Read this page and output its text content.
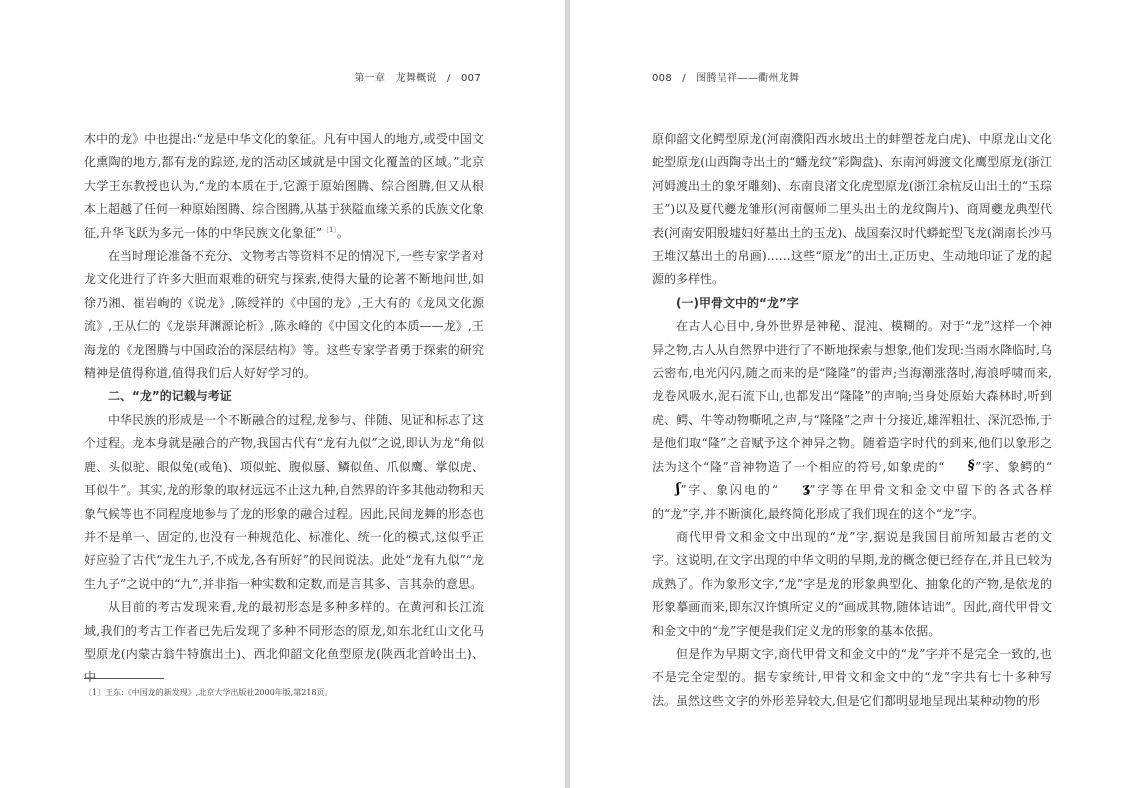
第一章　龙舞概说　/　007

木中的龙》中也提出:“龙是中华文化的象征。凡有中国人的地方,或受中国文化熏陶的地方,都有龙的踪迹,龙的活动区域就是中国文化覆盖的区域。”北京大学王东教授也认为,“龙的本质在于,它源于原始图腾、综合图腾,但又从根本上超越了任何一种原始图腾、综合图腾,从基于狭隘血缘关系的氏族文化象征,升华飞跃为多元一体的中华民族文化象征”$^{〔1〕}$。

在当时理论准备不充分、文物考古等资料不足的情况下,一些专家学者对龙文化进行了许多大胆而艰难的研究与探索,使得大量的论著不断地问世,如徐乃湘、崔岩峋的《说龙》,陈绶祥的《中国的龙》,王大有的《龙凤文化源流》,王从仁的《龙崇拜渊源论析》,陈永峰的《中国文化的本质——龙》,王海龙的《龙图腾与中国政治的深层结构》等。这些专家学者勇于探索的研究精神是值得称道,值得我们后人好好学习的。

二、“龙”的记载与考证

中华民族的形成是一个不断融合的过程,龙参与、伴随、见证和标志了这个过程。龙本身就是融合的产物,我国古代有“龙有九似”之说,即认为龙“角似鹿、头似驼、眼似兔(或龟)、项似蛇、腹似蜃、鳞似鱼、爪似鹰、掌似虎、耳似牛”。其实,龙的形象的取材远远不止这九种,自然界的许多其他动物和天象气候等也不同程度地参与了龙的形象的融合过程。因此,民间龙舞的形态也并不是单一、固定的,也没有一种规范化、标准化、统一化的模式,这似乎正好应验了古代“龙生九子,不成龙,各有所好”的民间说法。此处“龙有九似”“龙生九子”之说中的“九”,并非指一种实数和定数,而是言其多、言其杂的意思。

从目前的考古发现来看,龙的最初形态是多种多样的。在黄河和长江流域,我们的考古工作者已先后发现了多种不同形态的原龙,如东北红山文化马型原龙(内蒙古翁牛特旗出土)、西北仰韶文化鱼型原龙(陕西北首岭出土)、中

〔1〕王东:《中国龙的新发现》,北京大学出版社2000年版,第218页。
008　/　图腾呈祥——衢州龙舞

原仰韶文化鳄型原龙(河南濮阳西水坡出土的蚌塑苍龙白虎)、中原龙山文化蛇型原龙(山西陶寺出土的“蟠龙纹”彩陶盘)、东南河姆渡文化鹰型原龙(浙江河姆渡出土的象牙雕刻)、东南良渚文化虎型原龙(浙江余杭反山出土的“玉琮王”)以及夏代夔龙雏形(河南偃师二里头出土的龙纹陶片)、商周夔龙典型代表(河南安阳殷墟妇好墓出土的玉龙)、战国秦汉时代蟒蛇型飞龙(湖南长沙马王堆汉墓出土的帛画)……这些“原龙”的出土,正历史、生动地印证了龙的起源的多样性。

(一)甲骨文中的“龙”字

在古人心目中,身外世界是神秘、混沌、模糊的。对于“龙”这样一个神异之物,古人从自然界中进行了不断地探索与想象,他们发现:当雨水降临时,乌云密布,电光闪闪,随之而来的是“隆隆”的雷声;当海潮涨落时,海浪呼啸而来,龙卷风吸水,泥石流下山,也都发出“隆隆”的声响;当身处原始大森林时,听到虎、鳄、牛等动物嘶吼之声,与“隆隆”之声十分接近,雄浑粗壮、深沉恐怖,于是他们取“隆”之音赋予这个神异之物。随着造字时代的到来,他们以象形之法为这个“隆”音神物造了一个相应的符号,如象虎的“ §”字、象鳄的“ʃ”字、象闪电的“ ʓ”字等在甲骨文和金文中留下的各式各样的“龙”字,并不断演化,最终简化形成了我们现在的这个“龙”字。

商代甲骨文和金文中出现的“龙”字,据说是我国目前所知最古老的文字。这说明,在文字出现的中华文明的早期,龙的概念便已经存在,并且已较为成熟了。作为象形文字,“龙”字是龙的形象典型化、抽象化的产物,是依龙的形象摹画而来,即东汉许慎所定义的“画成其物,随体诘诎”。因此,商代甲骨文和金文中的“龙”字便是我们定义龙的形象的基本依据。

但是作为早期文字,商代甲骨文和金文中的“龙”字并不是完全一致的,也不是完全定型的。据专家统计,甲骨文和金文中的“龙”字共有七十多种写法。虽然这些文字的外形差异较大,但是它们都明显地呈现出某种动物的形
